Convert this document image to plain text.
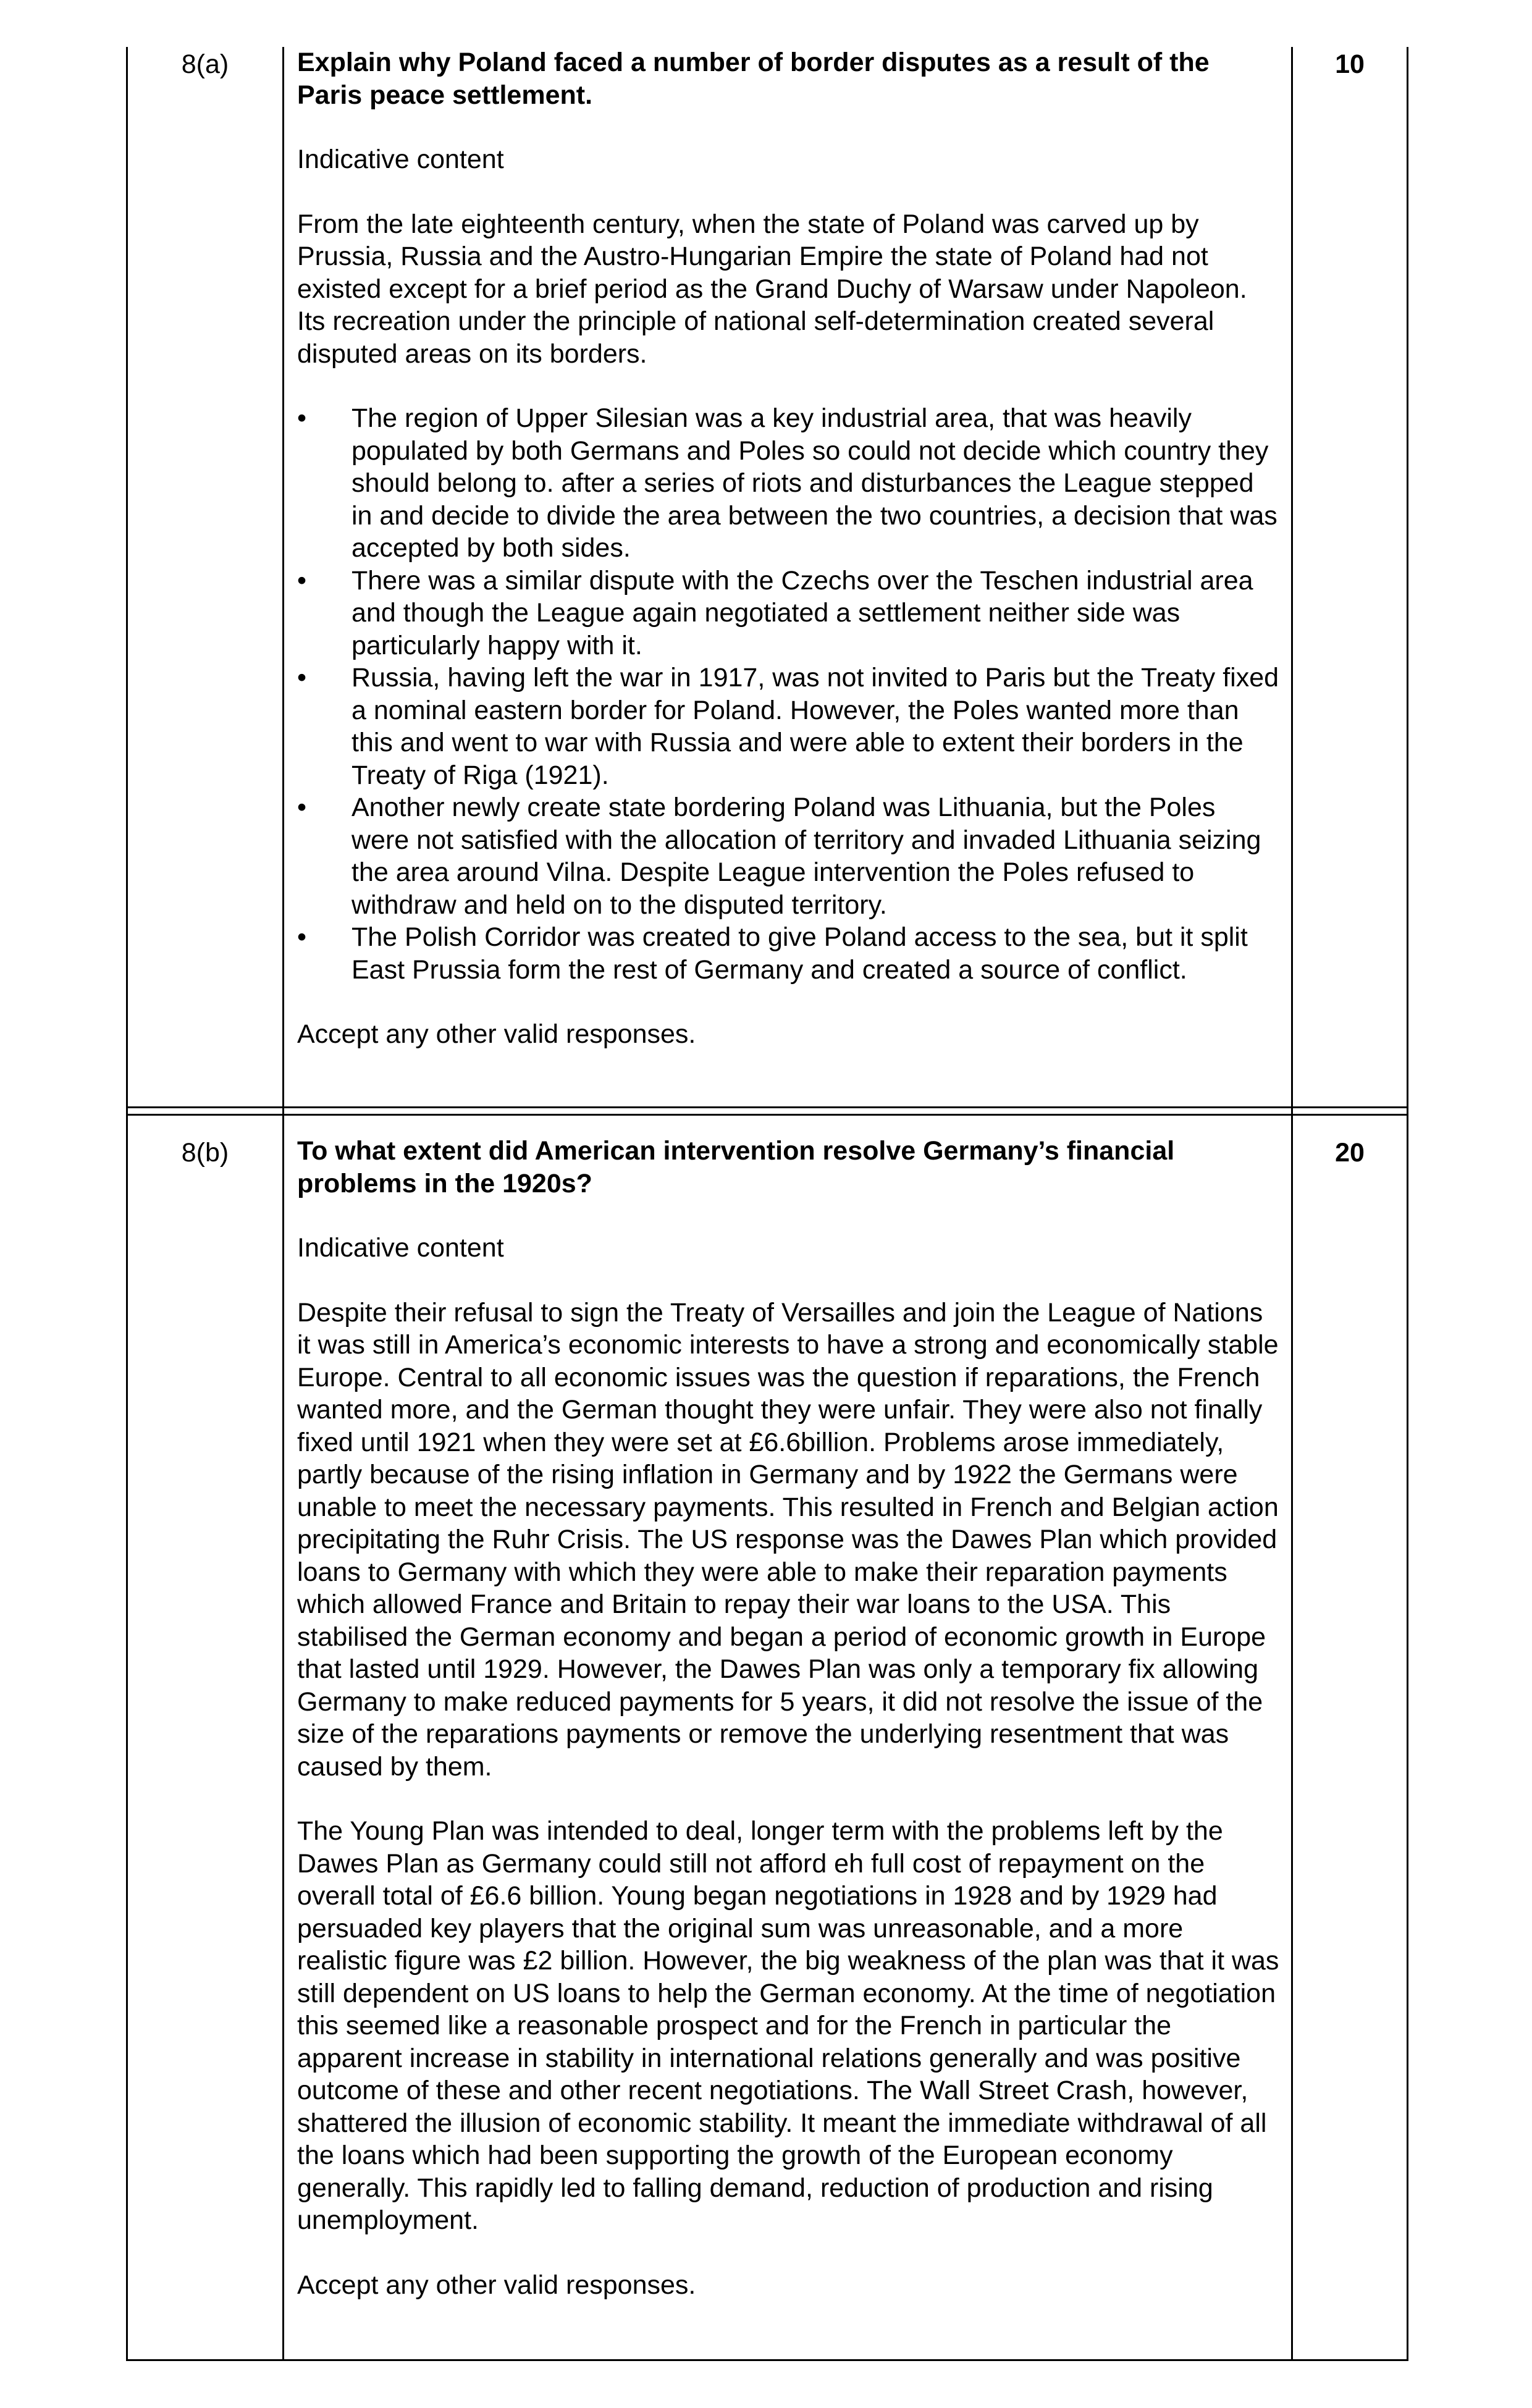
8(a)	10

Explain why Poland faced a number of border disputes as a result of the Paris peace settlement.

Indicative content

From the late eighteenth century, when the state of Poland was carved up by Prussia, Russia and the Austro-Hungarian Empire the state of Poland had not existed except for a brief period as the Grand Duchy of Warsaw under Napoleon. Its recreation under the principle of national self-determination created several disputed areas on its borders.

• The region of Upper Silesian was a key industrial area, that was heavily populated by both Germans and Poles so could not decide which country they should belong to. after a series of riots and disturbances the League stepped in and decide to divide the area between the two countries, a decision that was accepted by both sides.
• There was a similar dispute with the Czechs over the Teschen industrial area and though the League again negotiated a settlement neither side was particularly happy with it.
• Russia, having left the war in 1917, was not invited to Paris but the Treaty fixed a nominal eastern border for Poland. However, the Poles wanted more than this and went to war with Russia and were able to extent their borders in the Treaty of Riga (1921).
• Another newly create state bordering Poland was Lithuania, but the Poles were not satisfied with the allocation of territory and invaded Lithuania seizing the area around Vilna. Despite League intervention the Poles refused to withdraw and held on to the disputed territory.
• The Polish Corridor was created to give Poland access to the sea, but it split East Prussia form the rest of Germany and created a source of conflict.

Accept any other valid responses.

8(b)	20

To what extent did American intervention resolve Germany’s financial problems in the 1920s?

Indicative content

Despite their refusal to sign the Treaty of Versailles and join the League of Nations it was still in America’s economic interests to have a strong and economically stable Europe. Central to all economic issues was the question if reparations, the French wanted more, and the German thought they were unfair. They were also not finally fixed until 1921 when they were set at £6.6billion. Problems arose immediately, partly because of the rising inflation in Germany and by 1922 the Germans were unable to meet the necessary payments. This resulted in French and Belgian action precipitating the Ruhr Crisis. The US response was the Dawes Plan which provided loans to Germany with which they were able to make their reparation payments which allowed France and Britain to repay their war loans to the USA. This stabilised the German economy and began a period of economic growth in Europe that lasted until 1929. However, the Dawes Plan was only a temporary fix allowing Germany to make reduced payments for 5 years, it did not resolve the issue of the size of the reparations payments or remove the underlying resentment that was caused by them.

The Young Plan was intended to deal, longer term with the problems left by the Dawes Plan as Germany could still not afford eh full cost of repayment on the overall total of £6.6 billion. Young began negotiations in 1928 and by 1929 had persuaded key players that the original sum was unreasonable, and a more realistic figure was £2 billion. However, the big weakness of the plan was that it was still dependent on US loans to help the German economy. At the time of negotiation this seemed like a reasonable prospect and for the French in particular the apparent increase in stability in international relations generally and was positive outcome of these and other recent negotiations. The Wall Street Crash, however, shattered the illusion of economic stability. It meant the immediate withdrawal of all the loans which had been supporting the growth of the European economy generally. This rapidly led to falling demand, reduction of production and rising unemployment.

Accept any other valid responses.
